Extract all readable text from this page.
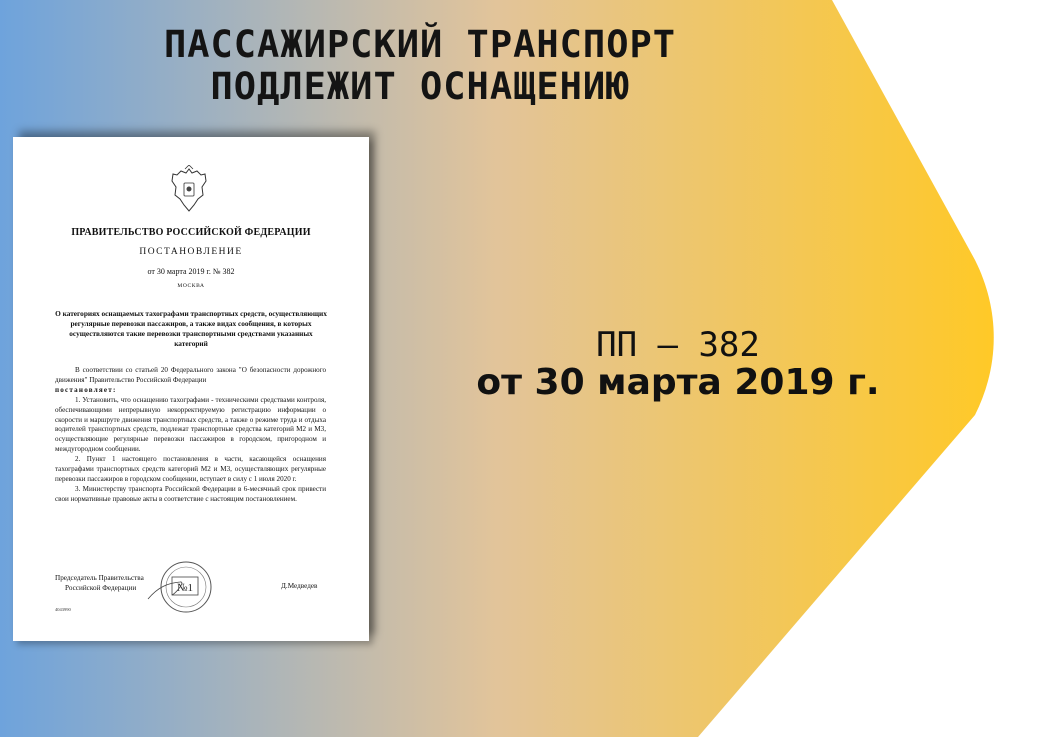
ПАССАЖИРСКИЙ ТРАНСПОРТ
ПОДЛЕЖИТ ОСНАЩЕНИЮ
ПРАВИТЕЛЬСТВО РОССИЙСКОЙ ФЕДЕРАЦИИ
ПОСТАНОВЛЕНИЕ
от 30 марта 2019 г. № 382
МОСКВА
О категориях оснащаемых тахографами транспортных средств, осуществляющих регулярные перевозки пассажиров, а также видах сообщения, в которых осуществляются такие перевозки транспортными средствами указанных категорий

В соответствии со статьей 20 Федерального закона "О безопасности дорожного движения" Правительство Российской Федерации

постановляет:

1. Установить, что оснащению тахографами - техническими средствами контроля, обеспечивающими непрерывную некорректируемую регистрацию информации о скорости и маршруте движения транспортных средств, а также о режиме труда и отдыха водителей транспортных средств, подлежат транспортные средства категорий М2 и М3, осуществляющие регулярные перевозки пассажиров в городском, пригородном и междугородном сообщении.

2. Пункт 1 настоящего постановления в части, касающейся оснащения тахографами транспортных средств категорий М2 и М3, осуществляющих регулярные перевозки пассажиров в городском сообщении, вступает в силу с 1 июля 2020 г.

3. Министерству транспорта Российской Федерации в 6-месячный срок привести свои нормативные правовые акты в соответствие с настоящим постановлением.

№1
Председатель Правительства
Российской Федерации	Д.Медведев
4043990
ПП – 382
от 30 марта 2019 г.
